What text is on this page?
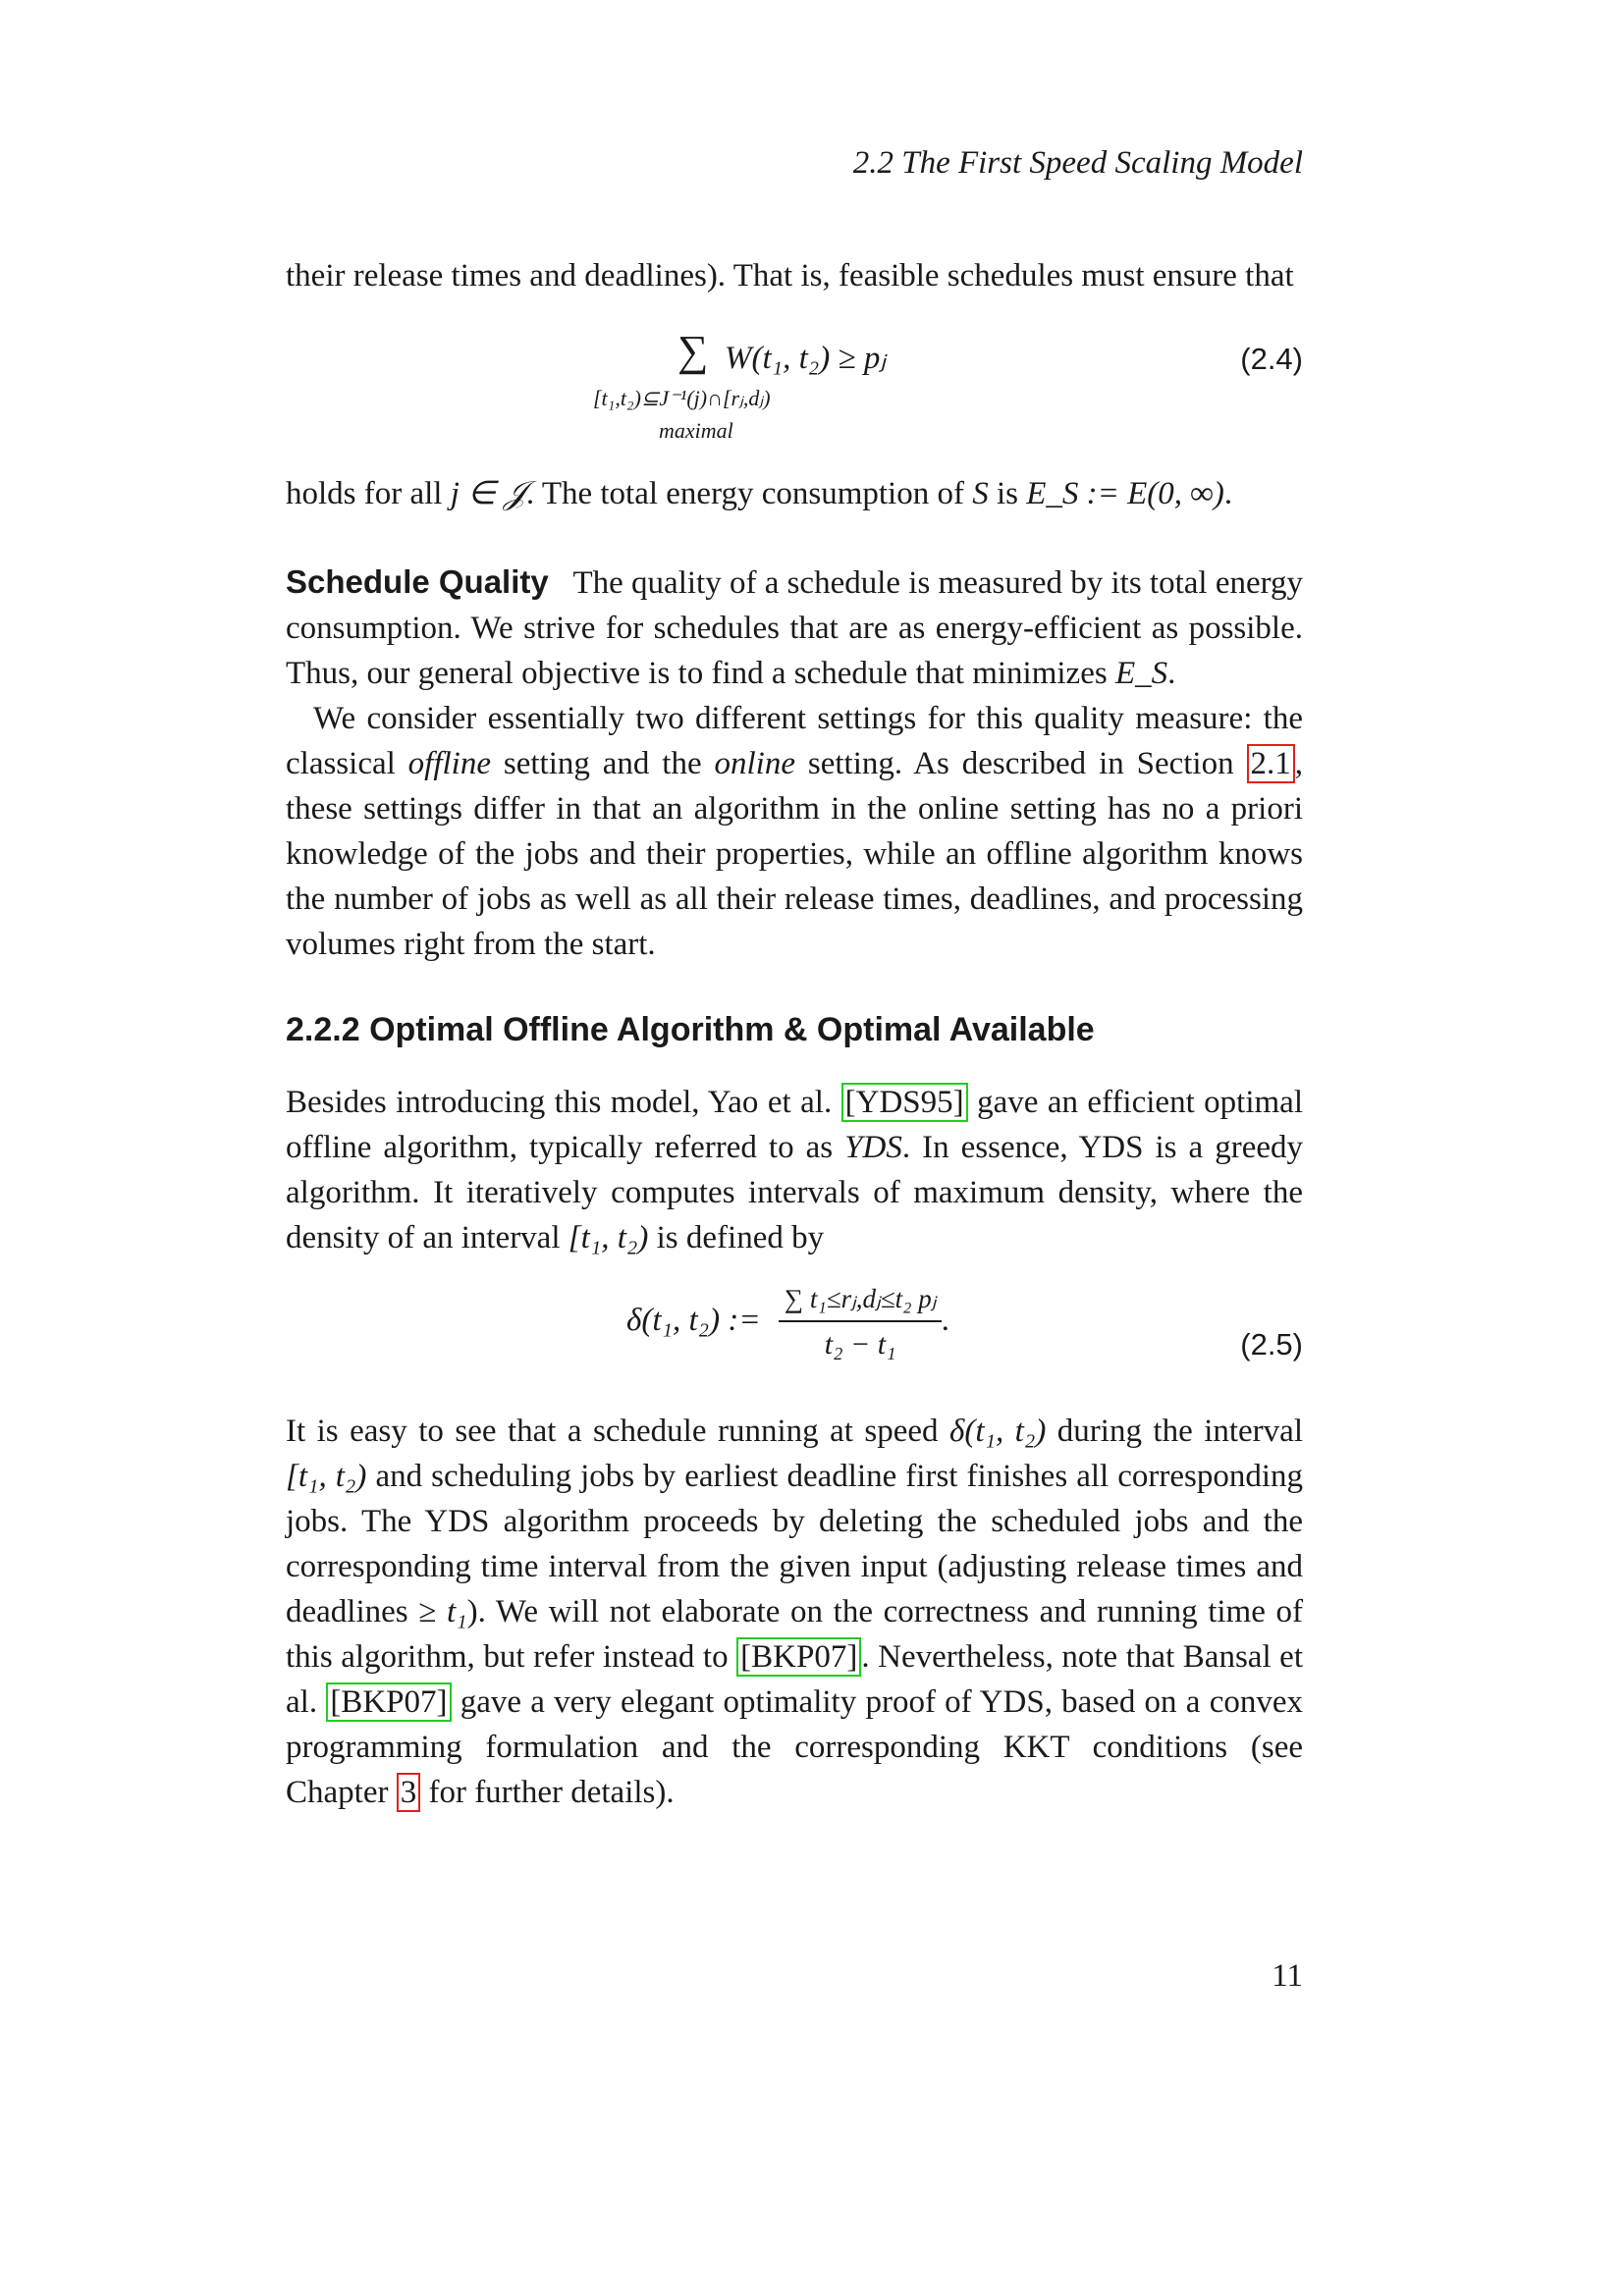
2.2 The First Speed Scaling Model

their release times and deadlines). That is, feasible schedules must ensure that

∑ W(t₁, t₂) ≥ pⱼ
[t₁,t₂)⊆J⁻¹(j)∩[rⱼ,dⱼ)
maximal
(2.4)

holds for all j ∈ 𝒥. The total energy consumption of S is E_S := E(0, ∞).

Schedule Quality The quality of a schedule is measured by its total energy consumption. We strive for schedules that are as energy-efficient as possible. Thus, our general objective is to find a schedule that minimizes E_S.

We consider essentially two different settings for this quality measure: the classical offline setting and the online setting. As described in Section 2.1 , these settings differ in that an algorithm in the online setting has no a priori knowledge of the jobs and their properties, while an offline algorithm knows the number of jobs as well as all their release times, deadlines, and processing volumes right from the start.

2.2.2 Optimal Offline Algorithm & Optimal Available

Besides introducing this model, Yao et al. [YDS95] gave an efficient optimal offline algorithm, typically referred to as YDS. In essence, YDS is a greedy algorithm. It iteratively computes intervals of maximum density, where the density of an interval [t₁, t₂) is defined by

δ(t₁, t₂) := $\frac{\text{∑ t₁≤rⱼ,dⱼ≤t₂ pⱼ}}{\text{t₂ − t₁}}$ .
(2.5)

It is easy to see that a schedule running at speed δ(t₁, t₂) during the interval [t₁, t₂) and scheduling jobs by earliest deadline first finishes all corresponding jobs. The YDS algorithm proceeds by deleting the scheduled jobs and the corresponding time interval from the given input (adjusting release times and deadlines ≥ t₁). We will not elaborate on the correctness and running time of this algorithm, but refer instead to [BKP07] . Nevertheless, note that Bansal et al. [BKP07] gave a very elegant optimality proof of YDS, based on a convex programming formulation and the corresponding KKT conditions (see Chapter 3 for further details).

11
